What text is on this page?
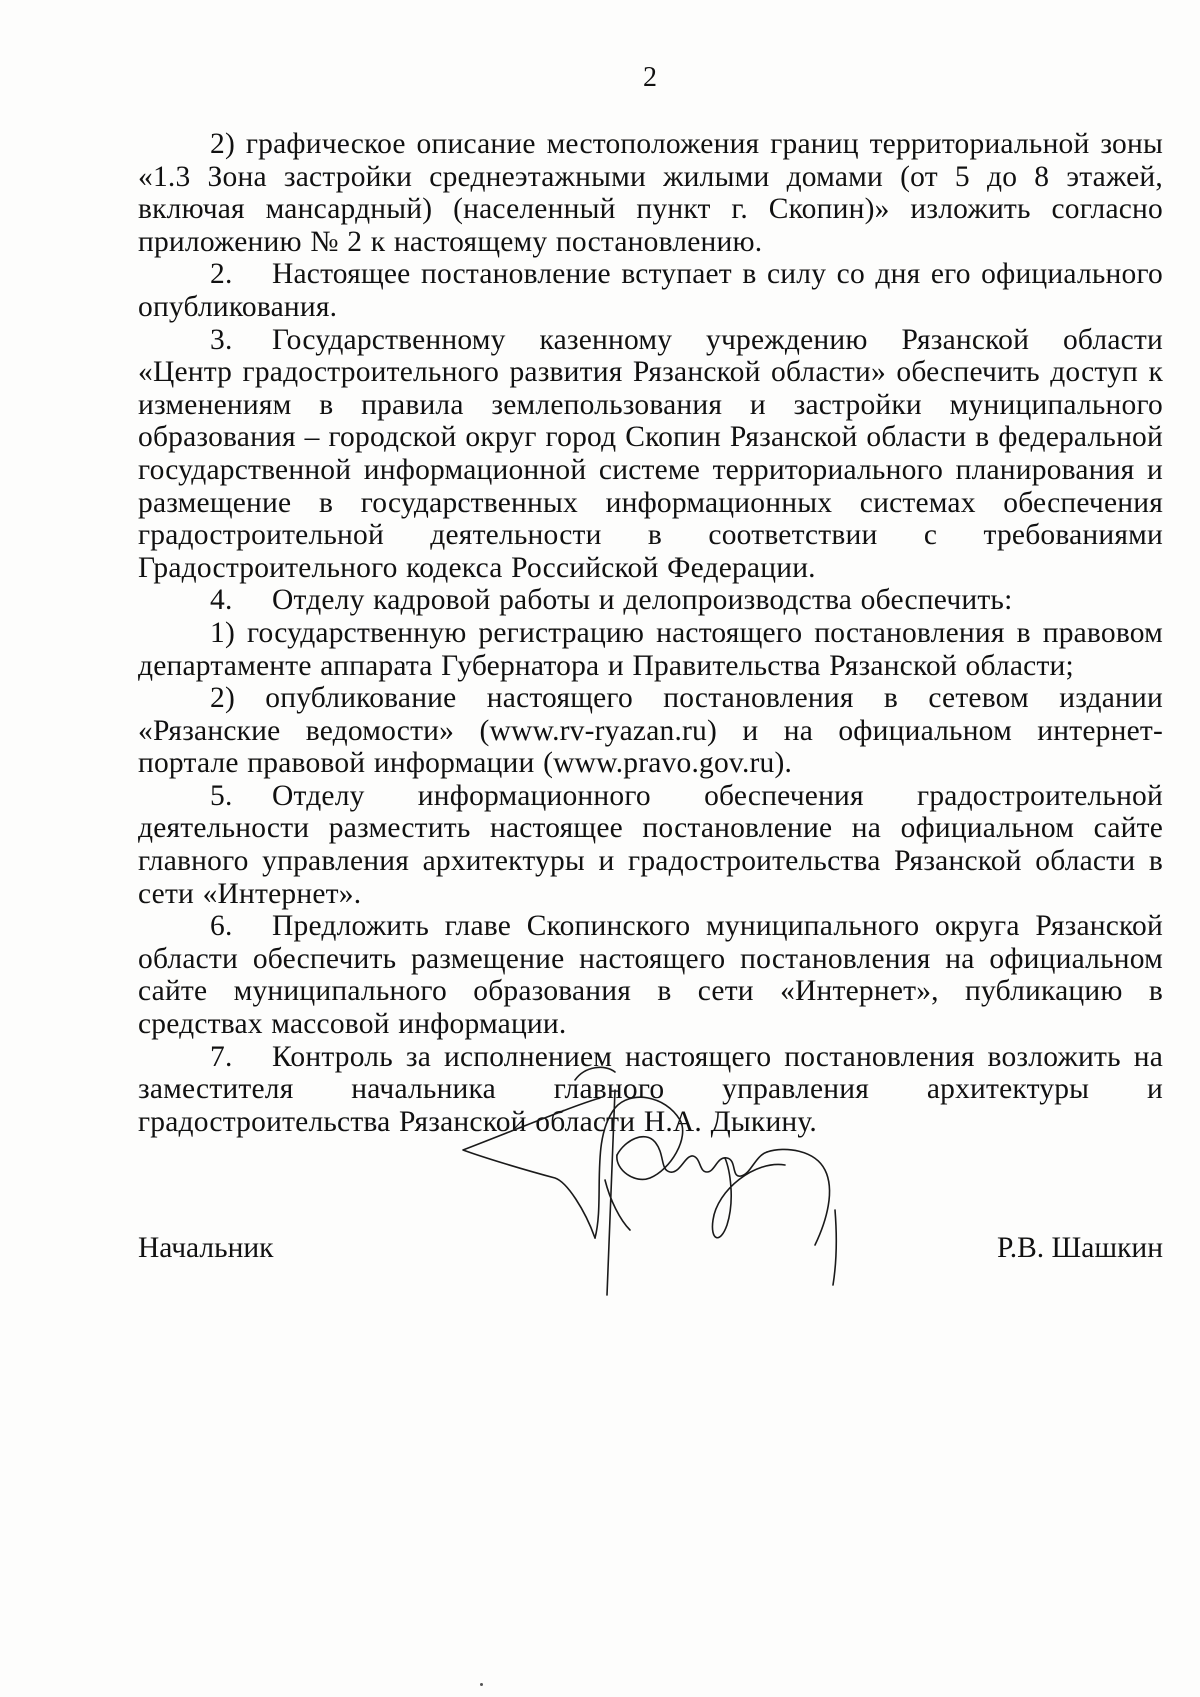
2

2) графическое описание местоположения границ территориальной зоны «1.3 Зона застройки среднеэтажными жилыми домами (от 5 до 8 этажей, включая мансардный) (населенный пункт г. Скопин)» изложить согласно приложению № 2 к настоящему постановлению.

2. Настоящее постановление вступает в силу со дня его официального опубликования.

3. Государственному казенному учреждению Рязанской области «Центр градостроительного развития Рязанской области» обеспечить доступ к изменениям в правила землепользования и застройки муниципального образования – городской округ город Скопин Рязанской области в федеральной государственной информационной системе территориального планирования и размещение в государственных информационных системах обеспечения градостроительной деятельности в соответствии с требованиями Градостроительного кодекса Российской Федерации.

4. Отделу кадровой работы и делопроизводства обеспечить:

1) государственную регистрацию настоящего постановления в правовом департаменте аппарата Губернатора и Правительства Рязанской области;

2) опубликование настоящего постановления в сетевом издании «Рязанские ведомости» (www.rv-ryazan.ru) и на официальном интернет-портале правовой информации (www.pravo.gov.ru).

5. Отделу информационного обеспечения градостроительной деятельности разместить настоящее постановление на официальном сайте главного управления архитектуры и градостроительства Рязанской области в сети «Интернет».

6. Предложить главе Скопинского муниципального округа Рязанской области обеспечить размещение настоящего постановления на официальном сайте муниципального образования в сети «Интернет», публикацию в средствах массовой информации.

7. Контроль за исполнением настоящего постановления возложить на заместителя начальника главного управления архитектуры и градостроительства Рязанской области Н.А. Дыкину.

Начальник	Р.В. Шашкин
